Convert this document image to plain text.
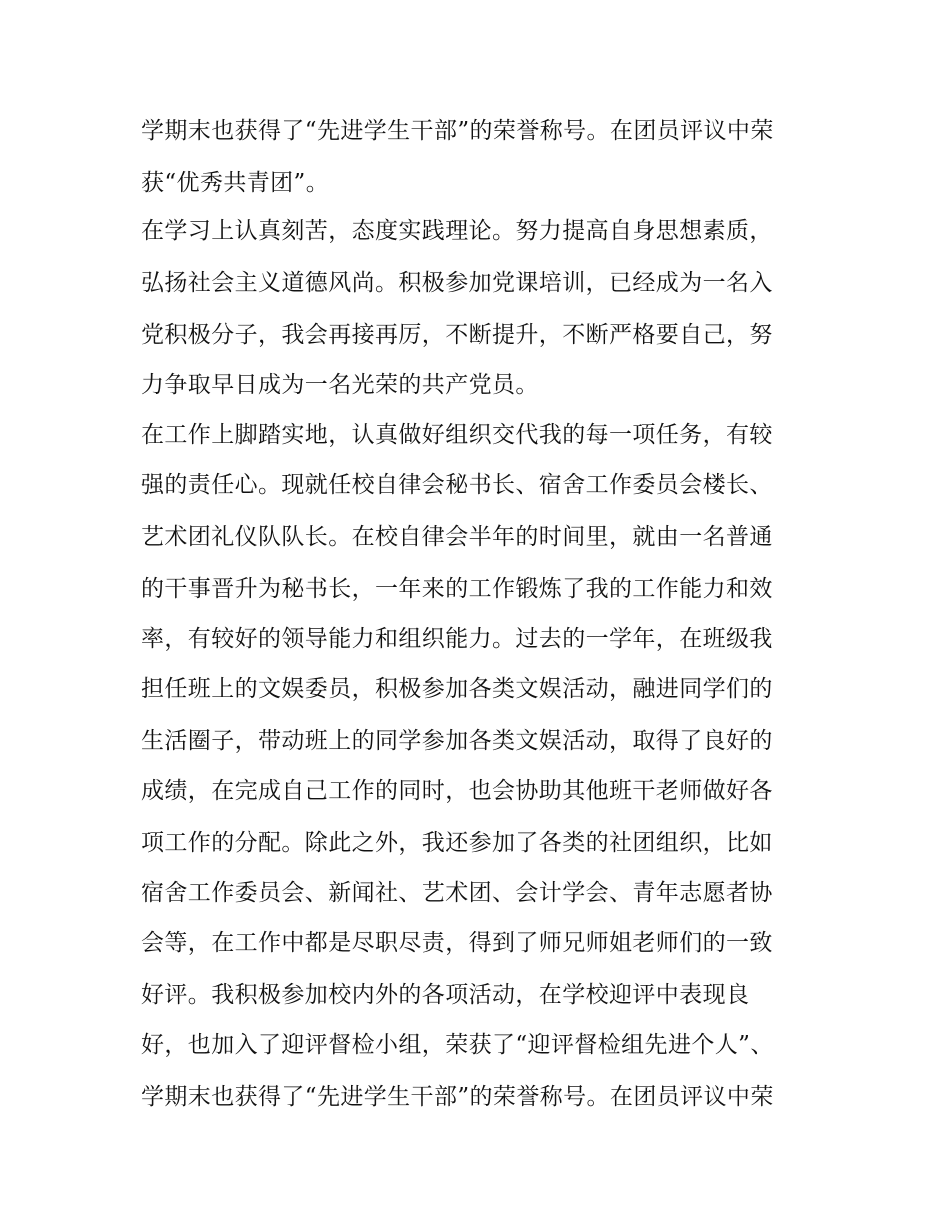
学期末也获得了“先进学生干部”的荣誉称号。在团员评议中荣
获“优秀共青团”。
在学习上认真刻苦，态度实践理论。努力提高自身思想素质，
弘扬社会主义道德风尚。积极参加党课培训，已经成为一名入
党积极分子，我会再接再厉，不断提升，不断严格要自己，努
力争取早日成为一名光荣的共产党员。
在工作上脚踏实地，认真做好组织交代我的每一项任务，有较
强的责任心。现就任校自律会秘书长、宿舍工作委员会楼长、
艺术团礼仪队队长。在校自律会半年的时间里，就由一名普通
的干事晋升为秘书长，一年来的工作锻炼了我的工作能力和效
率，有较好的领导能力和组织能力。过去的一学年，在班级我
担任班上的文娱委员，积极参加各类文娱活动，融进同学们的
生活圈子，带动班上的同学参加各类文娱活动，取得了良好的
成绩，在完成自己工作的同时，也会协助其他班干老师做好各
项工作的分配。除此之外，我还参加了各类的社团组织，比如
宿舍工作委员会、新闻社、艺术团、会计学会、青年志愿者协
会等，在工作中都是尽职尽责，得到了师兄师姐老师们的一致
好评。我积极参加校内外的各项活动，在学校迎评中表现良
好，也加入了迎评督检小组，荣获了“迎评督检组先进个人”、
学期末也获得了“先进学生干部”的荣誉称号。在团员评议中荣
